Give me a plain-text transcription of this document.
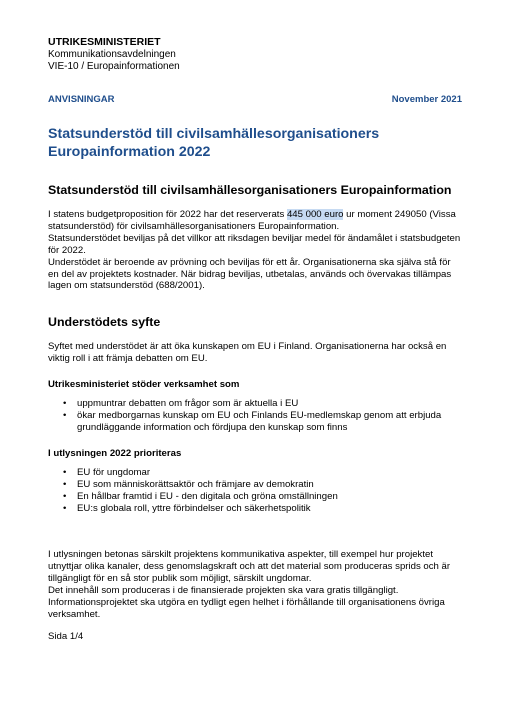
UTRIKESMINISTERIET
Kommunikationsavdelningen
VIE-10 / Europainformationen
ANVISNINGAR	November 2021
Statsunderstöd till civilsamhällesorganisationers Europainformation 2022
Statsunderstöd till civilsamhällesorganisationers Europainformation

I statens budgetproposition för 2022 har det reserverats 445 000 euro ur moment 249050 (Vissa statsunderstöd) för civilsamhällesorganisationers Europainformation.

Statsunderstödet beviljas på det villkor att riksdagen beviljar medel för ändamålet i statsbudgeten för 2022.

Understödet är beroende av prövning och beviljas för ett år. Organisationerna ska själva stå för en del av projektets kostnader. När bidrag beviljas, utbetalas, används och övervakas tillämpas lagen om statsunderstöd (688/2001).

Understödets syfte

Syftet med understödet är att öka kunskapen om EU i Finland. Organisationerna har också en viktig roll i att främja debatten om EU.

Utrikesministeriet stöder verksamhet som
• uppmuntrar debatten om frågor som är aktuella i EU
• ökar medborgarnas kunskap om EU och Finlands EU-medlemskap genom att erbjuda grundläggande information och fördjupa den kunskap som finns
I utlysningen 2022 prioriteras
• EU för ungdomar
• EU som människorättsaktör och främjare av demokratin
• En hållbar framtid i EU - den digitala och gröna omställningen
• EU:s globala roll, yttre förbindelser och säkerhetspolitik

I utlysningen betonas särskilt projektens kommunikativa aspekter, till exempel hur projektet utnyttjar olika kanaler, dess genomslagskraft och att det material som produceras sprids och är tillgängligt för en så stor publik som möjligt, särskilt ungdomar.

Det innehåll som produceras i de finansierade projekten ska vara gratis tillgängligt. Informationsprojektet ska utgöra en tydligt egen helhet i förhållande till organisationens övriga verksamhet.

Sida 1/4
